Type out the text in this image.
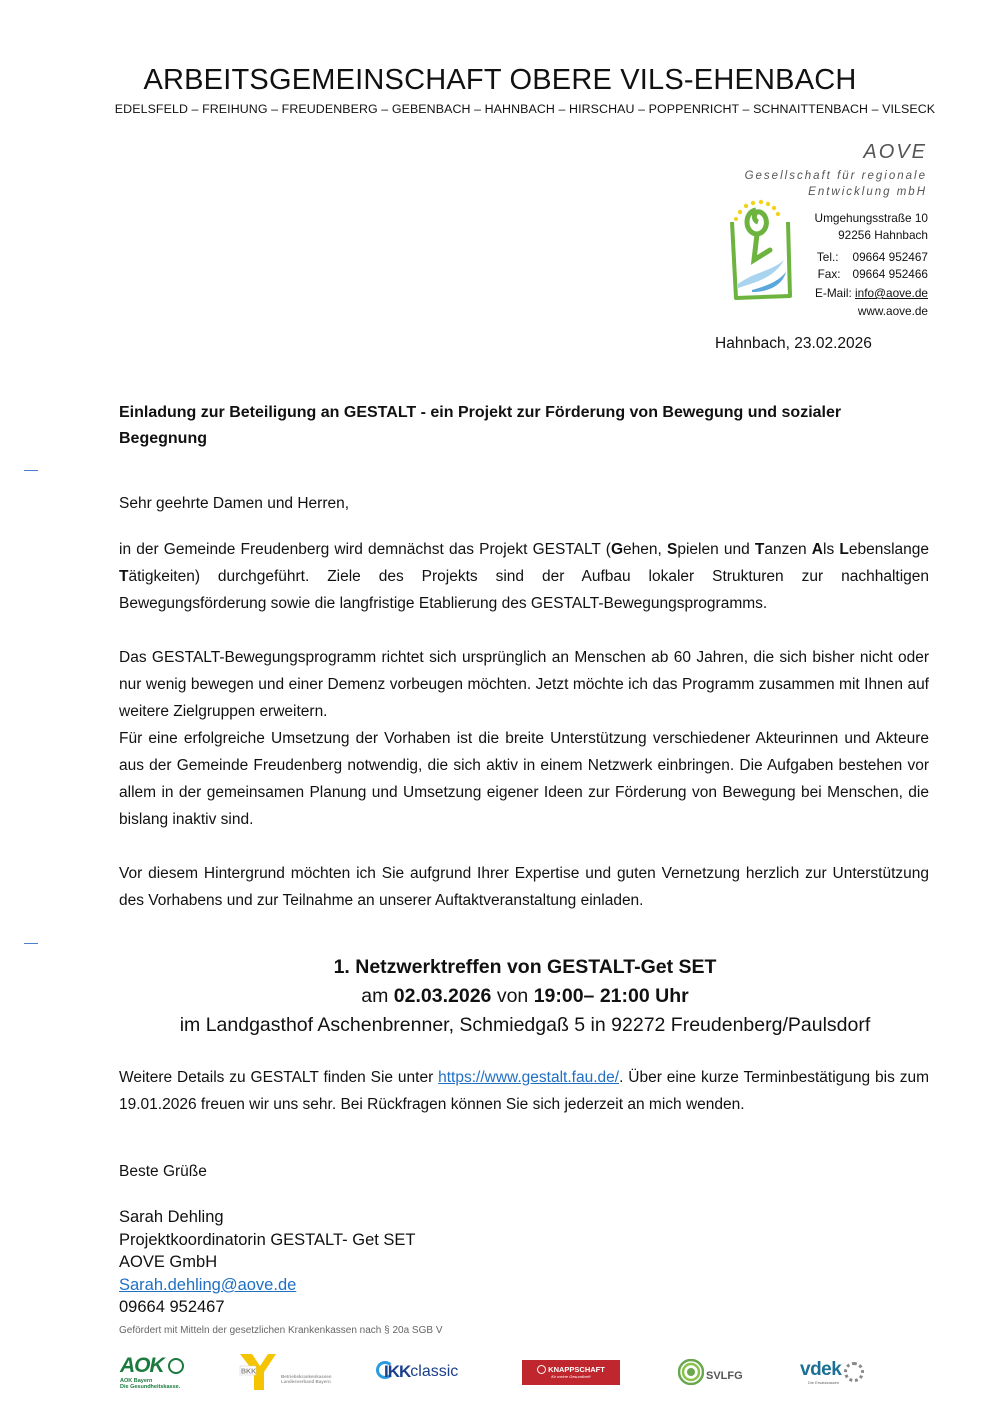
ARBEITSGEMEINSCHAFT OBERE VILS-EHENBACH
EDELSFELD – FREIHUNG – FREUDENBERG – GEBENBACH – HAHNBACH – HIRSCHAU – POPPENRICHT – SCHNAITTENBACH – VILSECK
AOVE
Gesellschaft für regionale
Entwicklung mbH
Umgehungsstraße 10
92256 Hahnbach
Tel.: 09664 952467
Fax: 09664 952466
E-Mail: info@aove.de
www.aove.de
Hahnbach, 23.02.2026
Einladung zur Beteiligung an GESTALT - ein Projekt zur Förderung von Bewegung und sozialer Begegnung
Sehr geehrte Damen und Herren,
in der Gemeinde Freudenberg wird demnächst das Projekt GESTALT (Gehen, Spielen und Tanzen Als Lebenslange Tätigkeiten) durchgeführt. Ziele des Projekts sind der Aufbau lokaler Strukturen zur nachhaltigen Bewegungsförderung sowie die langfristige Etablierung des GESTALT-Bewegungsprogramms.
Das GESTALT-Bewegungsprogramm richtet sich ursprünglich an Menschen ab 60 Jahren, die sich bisher nicht oder nur wenig bewegen und einer Demenz vorbeugen möchten. Jetzt möchte ich das Programm zusammen mit Ihnen auf weitere Zielgruppen erweitern.
Für eine erfolgreiche Umsetzung der Vorhaben ist die breite Unterstützung verschiedener Akteurinnen und Akteure aus der Gemeinde Freudenberg notwendig, die sich aktiv in einem Netzwerk einbringen. Die Aufgaben bestehen vor allem in der gemeinsamen Planung und Umsetzung eigener Ideen zur Förderung von Bewegung bei Menschen, die bislang inaktiv sind.
Vor diesem Hintergrund möchten ich Sie aufgrund Ihrer Expertise und guten Vernetzung herzlich zur Unterstützung des Vorhabens und zur Teilnahme an unserer Auftaktveranstaltung einladen.
1. Netzwerktreffen von GESTALT-Get SET
am 02.03.2026 von 19:00– 21:00 Uhr
im Landgasthof Aschenbrenner, Schmiedgaß 5 in 92272 Freudenberg/Paulsdorf
Weitere Details zu GESTALT finden Sie unter https://www.gestalt.fau.de/. Über eine kurze Terminbestätigung bis zum 19.01.2026 freuen wir uns sehr. Bei Rückfragen können Sie sich jederzeit an mich wenden.
Beste Grüße
Sarah Dehling
Projektkoordinatorin GESTALT- Get SET
AOVE GmbH
Sarah.dehling@aove.de
09664 952467
Gefördert mit Mitteln der gesetzlichen Krankenkassen nach § 20a SGB V
AOK
AOK Bayern
Die Gesundheitskasse.
BKK
Betriebskrankenkassen
Landesverband Bayern
IKK classic	KNAPPSCHAFT
für meine Gesundheit!	SVLFG	vdek
Die Ersatzkassen
